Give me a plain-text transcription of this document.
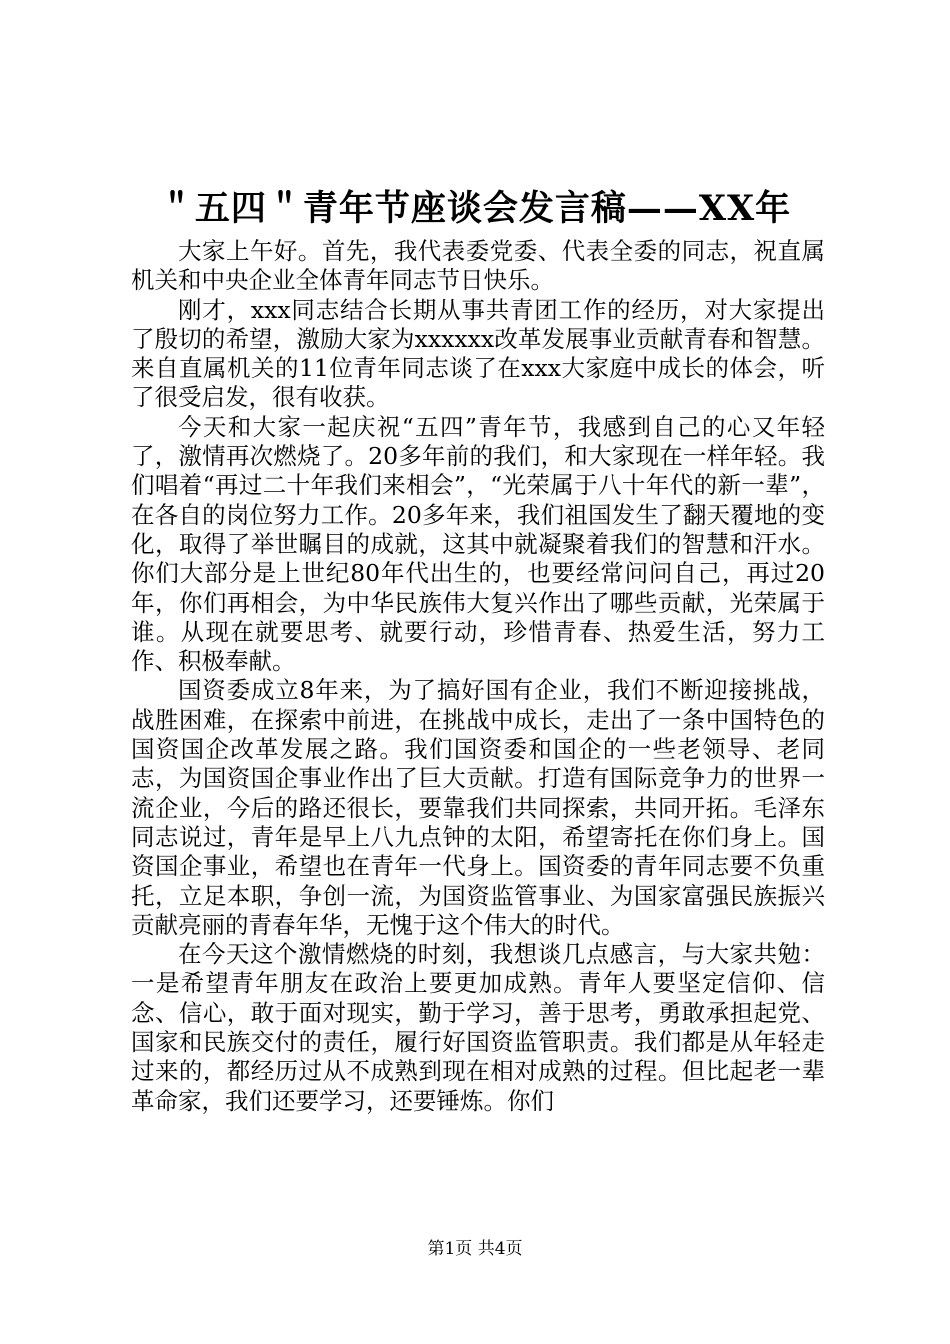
＂五四＂青年节座谈会发言稿——XX年

大家上午好。首先，我代表委党委、代表全委的同志，祝直属机关和中央企业全体青年同志节日快乐。

刚才，xxx同志结合长期从事共青团工作的经历，对大家提出了殷切的希望，激励大家为xxxxxx改革发展事业贡献青春和智慧。来自直属机关的11位青年同志谈了在xxx大家庭中成长的体会，听了很受启发，很有收获。

今天和大家一起庆祝“五四”青年节，我感到自己的心又年轻了，激情再次燃烧了。20多年前的我们，和大家现在一样年轻。我们唱着“再过二十年我们来相会”，“光荣属于八十年代的新一辈”，在各自的岗位努力工作。20多年来，我们祖国发生了翻天覆地的变化，取得了举世瞩目的成就，这其中就凝聚着我们的智慧和汗水。你们大部分是上世纪80年代出生的，也要经常问问自己，再过20年，你们再相会，为中华民族伟大复兴作出了哪些贡献，光荣属于谁。从现在就要思考、就要行动，珍惜青春、热爱生活，努力工作、积极奉献。

国资委成立8年来，为了搞好国有企业，我们不断迎接挑战，战胜困难，在探索中前进，在挑战中成长，走出了一条中国特色的国资国企改革发展之路。我们国资委和国企的一些老领导、老同志，为国资国企事业作出了巨大贡献。打造有国际竞争力的世界一流企业，今后的路还很长，要靠我们共同探索，共同开拓。毛泽东同志说过，青年是早上八九点钟的太阳，希望寄托在你们身上。国资国企事业，希望也在青年一代身上。国资委的青年同志要不负重托，立足本职，争创一流，为国资监管事业、为国家富强民族振兴贡献亮丽的青春年华，无愧于这个伟大的时代。

在今天这个激情燃烧的时刻，我想谈几点感言，与大家共勉：一是希望青年朋友在政治上要更加成熟。青年人要坚定信仰、信念、信心，敢于面对现实，勤于学习，善于思考，勇敢承担起党、国家和民族交付的责任，履行好国资监管职责。我们都是从年轻走过来的，都经历过从不成熟到现在相对成熟的过程。但比起老一辈革命家，我们还要学习，还要锤炼。你们

第1页 共4页
